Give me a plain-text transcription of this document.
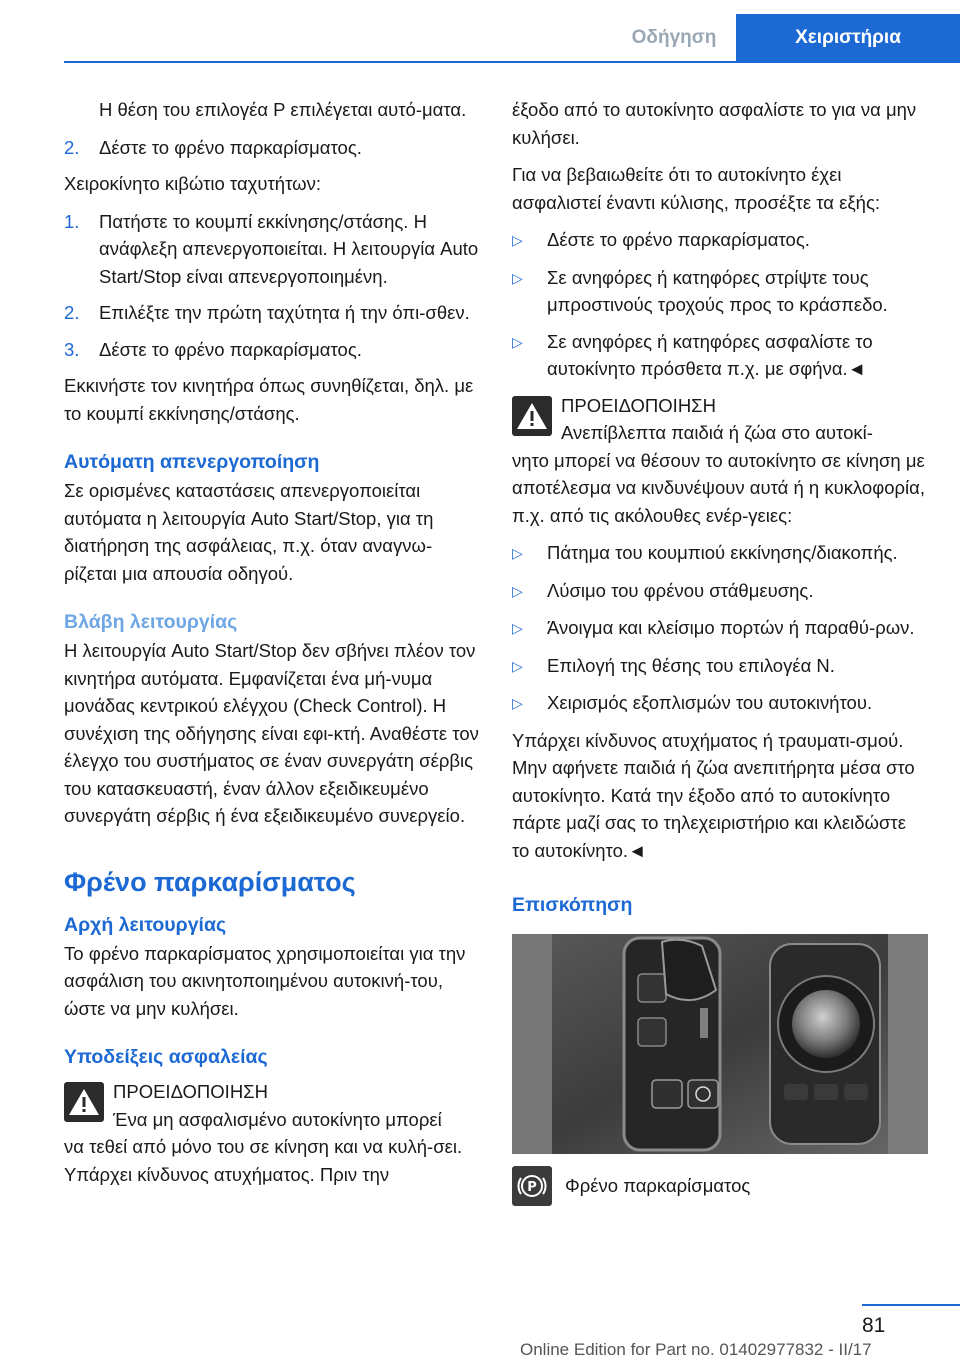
Οδήγηση	Χειριστήρια

Η θέση του επιλογέα P επιλέγεται αυτό‐ματα.

2.	Δέστε το φρένο παρκαρίσματος.

Χειροκίνητο κιβώτιο ταχυτήτων:

1.	Πατήστε το κουμπί εκκίνησης/στάσης. Η ανάφλεξη απενεργοποιείται. Η λειτουργία Auto Start/Stop είναι απενεργοποιημένη.
2.	Επιλέξτε την πρώτη ταχύτητα ή την όπι‐σθεν.
3.	Δέστε το φρένο παρκαρίσματος.

Εκκινήστε τον κινητήρα όπως συνηθίζεται, δηλ. με το κουμπί εκκίνησης/στάσης.

Αυτόματη απενεργοποίηση

Σε ορισμένες καταστάσεις απενεργοποιείται αυτόματα η λειτουργία Auto Start/Stop, για τη διατήρηση της ασφάλειας, π.χ. όταν αναγνω‐ρίζεται μια απουσία οδηγού.

Βλάβη λειτουργίας

Η λειτουργία Auto Start/Stop δεν σβήνει πλέον τον κινητήρα αυτόματα. Εμφανίζεται ένα μή‐νυμα μονάδας κεντρικού ελέγχου (Check Control). Η συνέχιση της οδήγησης είναι εφι‐κτή. Αναθέστε τον έλεγχο του συστήματος σε έναν συνεργάτη σέρβις του κατασκευαστή, έναν άλλον εξειδικευμένο συνεργάτη σέρβις ή ένα εξειδικευμένο συνεργείο.

Φρένο παρκαρίσματος
Αρχή λειτουργίας

Το φρένο παρκαρίσματος χρησιμοποιείται για την ασφάλιση του ακινητοποιημένου αυτοκινή‐του, ώστε να μην κυλήσει.

Υποδείξεις ασφαλείας

ΠΡΟΕΙΔΟΠΟΙΗΣΗ

Ένα μη ασφαλισμένο αυτοκίνητο μπορεί

να τεθεί από μόνο του σε κίνηση και να κυλή‐σει. Υπάρχει κίνδυνος ατυχήματος. Πριν την

έξοδο από το αυτοκίνητο ασφαλίστε το για να μην κυλήσει.

Για να βεβαιωθείτε ότι το αυτοκίνητο έχει ασφαλιστεί έναντι κύλισης, προσέξτε τα εξής:

▷	Δέστε το φρένο παρκαρίσματος.
▷	Σε ανηφόρες ή κατηφόρες στρίψτε τους μπροστινούς τροχούς προς το κράσπεδο.
▷	Σε ανηφόρες ή κατηφόρες ασφαλίστε το αυτοκίνητο πρόσθετα π.χ. με σφήνα.◄

ΠΡΟΕΙΔΟΠΟΙΗΣΗ

Ανεπίβλεπτα παιδιά ή ζώα στο αυτοκί‐

νητο μπορεί να θέσουν το αυτοκίνητο σε κίνηση με αποτέλεσμα να κινδυνέψουν αυτά ή η κυκλοφορία, π.χ. από τις ακόλουθες ενέρ‐γειες:

▷	Πάτημα του κουμπιού εκκίνησης/διακοπής.
▷	Λύσιμο του φρένου στάθμευσης.
▷	Άνοιγμα και κλείσιμο πορτών ή παραθύ‐ρων.
▷	Επιλογή της θέσης του επιλογέα N.
▷	Χειρισμός εξοπλισμών του αυτοκινήτου.

Υπάρχει κίνδυνος ατυχήματος ή τραυματι‐σμού. Μην αφήνετε παιδιά ή ζώα ανεπιτήρητα μέσα στο αυτοκίνητο. Κατά την έξοδο από το αυτοκίνητο πάρτε μαζί σας το τηλεχειριστήριο και κλειδώστε το αυτοκίνητο.◄

Επισκόπηση
P Φρένο παρκαρίσματος
81
Online Edition for Part no. 01402977832 - II/17
